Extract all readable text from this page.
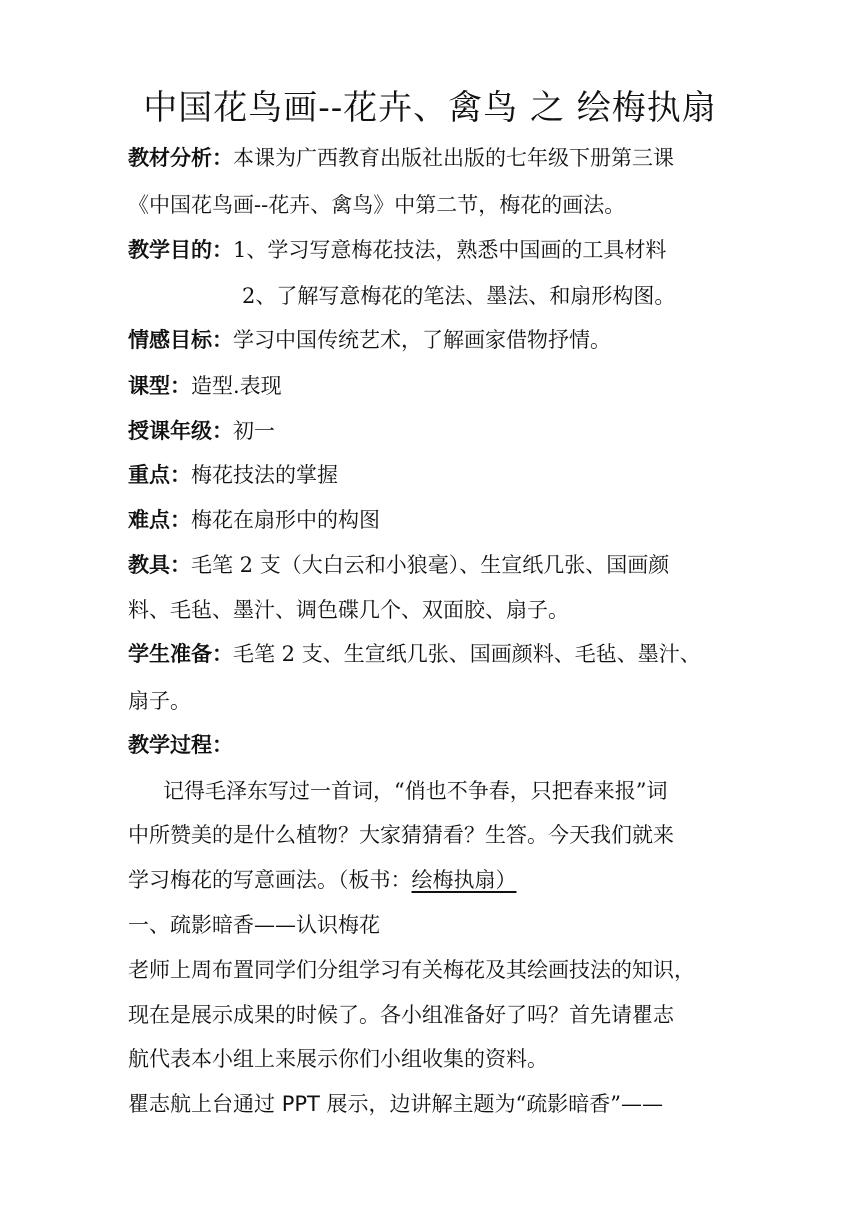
中国花鸟画--花卉、禽鸟 之 绘梅执扇
教材分析：本课为广西教育出版社出版的七年级下册第三课
《中国花鸟画--花卉、禽鸟》中第二节，梅花的画法。
教学目的：1、学习写意梅花技法，熟悉中国画的工具材料
2、了解写意梅花的笔法、墨法、和扇形构图。
情感目标：学习中国传统艺术，了解画家借物抒情。
课型：造型.表现
授课年级：初一
重点：梅花技法的掌握
难点：梅花在扇形中的构图
教具：毛笔 2 支（大白云和小狼毫）、生宣纸几张、国画颜
料、毛毡、墨汁、调色碟几个、双面胶、扇子。
学生准备：毛笔 2 支、生宣纸几张、国画颜料、毛毡、墨汁、
扇子。
教学过程：
记得毛泽东写过一首词，“俏也不争春，只把春来报”词
中所赞美的是什么植物？大家猜猜看？生答。今天我们就来
学习梅花的写意画法。（板书：绘梅执扇）
一、疏影暗香——认识梅花
老师上周布置同学们分组学习有关梅花及其绘画技法的知识，
现在是展示成果的时候了。各小组准备好了吗？首先请瞿志
航代表本小组上来展示你们小组收集的资料。
瞿志航上台通过 PPT 展示，边讲解主题为“疏影暗香”——
